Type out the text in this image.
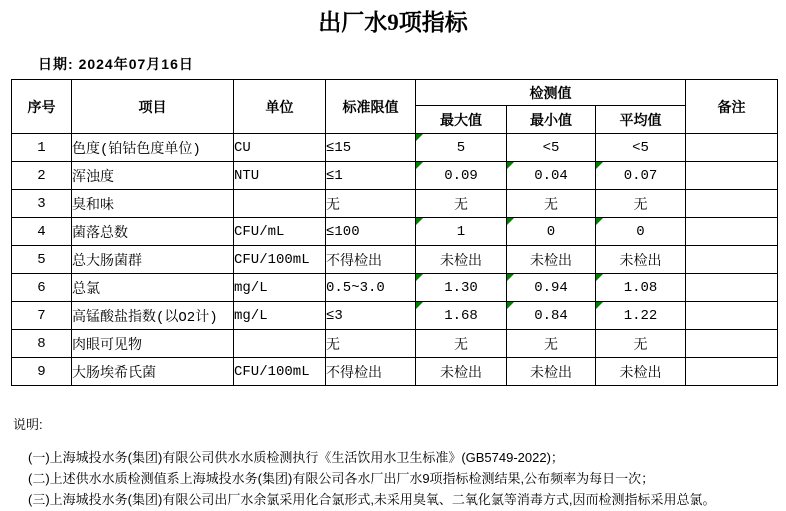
出厂水9项指标
日期: 2024年07月16日
序号	项目	单位	标准限值	检测值			备注
				最大值	最小值	平均值	
1	色度(铂钴色度单位)	CU	≤15	5	<5	<5	
2	浑浊度	NTU	≤1	0.09	0.04	0.07	
3	臭和味		无	无	无	无	
4	菌落总数	CFU/mL	≤100	1	0	0	
5	总大肠菌群	CFU/100mL	不得检出	未检出	未检出	未检出	
6	总氯	mg/L	0.5~3.0	1.30	0.94	1.08	
7	高锰酸盐指数(以O2计)	mg/L	≤3	1.68	0.84	1.22	
8	肉眼可见物		无	无	无	无	
9	大肠埃希氏菌	CFU/100mL	不得检出	未检出	未检出	未检出	

说明:

(一)上海城投水务(集团)有限公司供水水质检测执行《生活饮用水卫生标准》(GB5749-2022)；
(二)上述供水水质检测值系上海城投水务(集团)有限公司各水厂出厂水9项指标检测结果,公布频率为每日一次；
(三)上海城投水务(集团)有限公司出厂水余氯采用化合氯形式,未采用臭氧、二氧化氯等消毒方式,因而检测指标采用总氯。
